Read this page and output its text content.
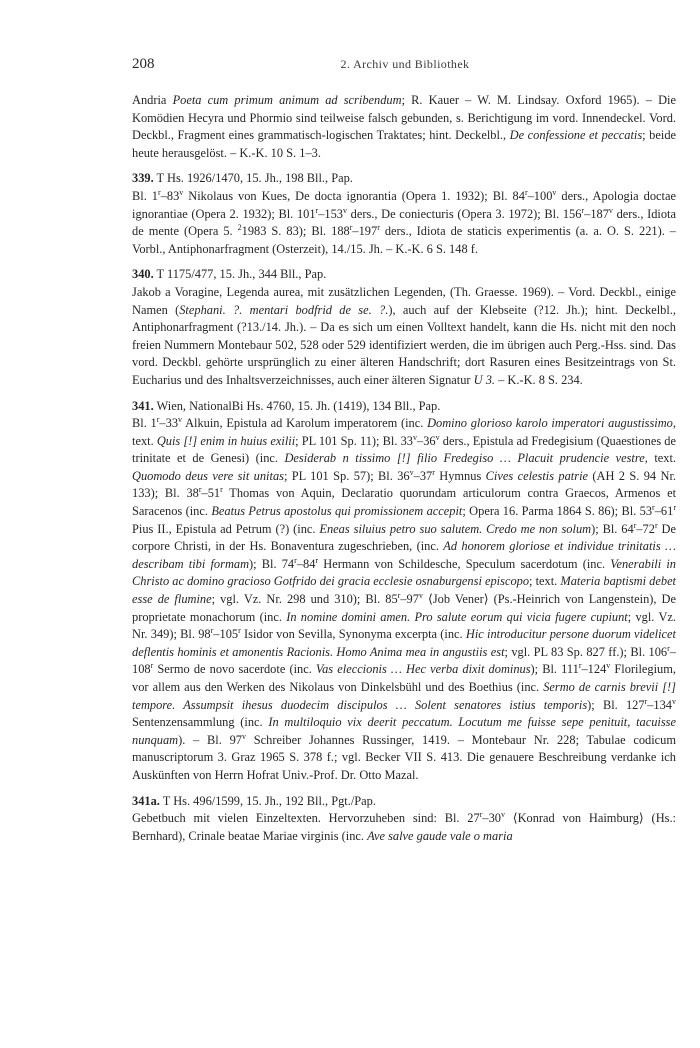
208	2. Archiv und Bibliothek

Andria Poeta cum primum animum ad scribendum; R. Kauer – W. M. Lindsay. Oxford 1965). – Die Komödien Hecyra und Phormio sind teilweise falsch gebunden, s. Berichtigung im vord. Innendeckel. Vord. Deckbl., Fragment eines grammatisch-logischen Traktates; hint. Deckelbl., De confessione et peccatis; beide heute herausgelöst. – K.-K. 10 S. 1–3.

339. T Hs. 1926/1470, 15. Jh., 198 Bll., Pap.

Bl. 1$^r$–83$^v$ Nikolaus von Kues, De docta ignorantia (Opera 1. 1932); Bl. 84$^r$–100$^v$ ders., Apologia doctae ignorantiae (Opera 2. 1932); Bl. 101$^r$–153$^v$ ders., De coniecturis (Opera 3. 1972); Bl. 156$^r$–187$^v$ ders., Idiota de mente (Opera 5. $^2$1983 S. 83); Bl. 188$^r$–197$^r$ ders., Idiota de staticis experimentis (a. a. O. S. 221). – Vorbl., Antiphonarfragment (Osterzeit), 14./15. Jh. – K.-K. 6 S. 148 f.

340. T 1175/477, 15. Jh., 344 Bll., Pap.

Jakob a Voragine, Legenda aurea, mit zusätzlichen Legenden, (Th. Graesse. 1969). – Vord. Deckbl., einige Namen (Stephani. ?. mentari bodfrid de se. ?.), auch auf der Klebseite (?12. Jh.); hint. Deckelbl., Antiphonarfragment (?13./14. Jh.). – Da es sich um einen Volltext handelt, kann die Hs. nicht mit den noch freien Nummern Montebaur 502, 528 oder 529 identifiziert werden, die im übrigen auch Perg.-Hss. sind. Das vord. Deckbl. gehörte ursprünglich zu einer älteren Handschrift; dort Rasuren eines Besitzeintrags von St. Eucharius und des Inhaltsverzeichnisses, auch einer älteren Signatur U 3. – K.-K. 8 S. 234.

341. Wien, NationalBi Hs. 4760, 15. Jh. (1419), 134 Bll., Pap.

Bl. 1$^r$–33$^v$ Alkuin, Epistula ad Karolum imperatorem (inc. Domino glorioso karolo imperatori augustissimo, text. Quis [!] enim in huius exilii; PL 101 Sp. 11); Bl. 33$^v$–36$^v$ ders., Epistula ad Fredegisium (Quaestiones de trinitate et de Genesi) (inc. Desiderab n tissimo [!] filio Fredegiso … Placuit prudencie vestre, text. Quomodo deus vere sit unitas; PL 101 Sp. 57); Bl. 36$^v$–37$^r$ Hymnus Cives celestis patrie (AH 2 S. 94 Nr. 133); Bl. 38$^r$–51$^r$ Thomas von Aquin, Declaratio quorundam articulorum contra Graecos, Armenos et Saracenos (inc. Beatus Petrus apostolus qui promissionem accepit; Opera 16. Parma 1864 S. 86); Bl. 53$^r$–61$^r$ Pius II., Epistula ad Petrum (?) (inc. Eneas siluius petro suo salutem. Credo me non solum); Bl. 64$^r$–72$^r$ De corpore Christi, in der Hs. Bonaventura zugeschrieben, (inc. Ad honorem gloriose et individue trinitatis … describam tibi formam); Bl. 74$^r$–84$^r$ Hermann von Schildesche, Speculum sacerdotum (inc. Venerabili in Christo ac domino gracioso Gotfrido dei gracia ecclesie osnaburgensi episcopo; text. Materia baptismi debet esse de flumine; vgl. Vz. Nr. 298 und 310); Bl. 85$^r$–97$^v$ ⟨Job Vener⟩ (Ps.-Heinrich von Langenstein), De proprietate monachorum (inc. In nomine domini amen. Pro salute eorum qui vicia fugere cupiunt; vgl. Vz. Nr. 349); Bl. 98$^r$–105$^r$ Isidor von Sevilla, Synonyma excerpta (inc. Hic introducitur persone duorum videlicet deflentis hominis et amonentis Racionis. Homo Anima mea in angustiis est; vgl. PL 83 Sp. 827 ff.); Bl. 106$^r$–108$^r$ Sermo de novo sacerdote (inc. Vas eleccionis … Hec verba dixit dominus); Bl. 111$^r$–124$^v$ Florilegium, vor allem aus den Werken des Nikolaus von Dinkelsbühl und des Boethius (inc. Sermo de carnis brevii [!] tempore. Assumpsit ihesus duodecim discipulos … Solent senatores istius temporis); Bl. 127$^r$–134$^v$ Sentenzensammlung (inc. In multiloquio vix deerit peccatum. Locutum me fuisse sepe penituit, tacuisse nunquam). – Bl. 97$^v$ Schreiber Johannes Russinger, 1419. – Montebaur Nr. 228; Tabulae codicum manuscriptorum 3. Graz 1965 S. 378 f.; vgl. Becker VII S. 413. Die genauere Beschreibung verdanke ich Auskünften von Herrn Hofrat Univ.-Prof. Dr. Otto Mazal.

341a. T Hs. 496/1599, 15. Jh., 192 Bll., Pgt./Pap.

Gebetbuch mit vielen Einzeltexten. Hervorzuheben sind: Bl. 27$^r$–30$^v$ ⟨Konrad von Haimburg⟩ (Hs.: Bernhard), Crinale beatae Mariae virginis (inc. Ave salve gaude vale o maria
